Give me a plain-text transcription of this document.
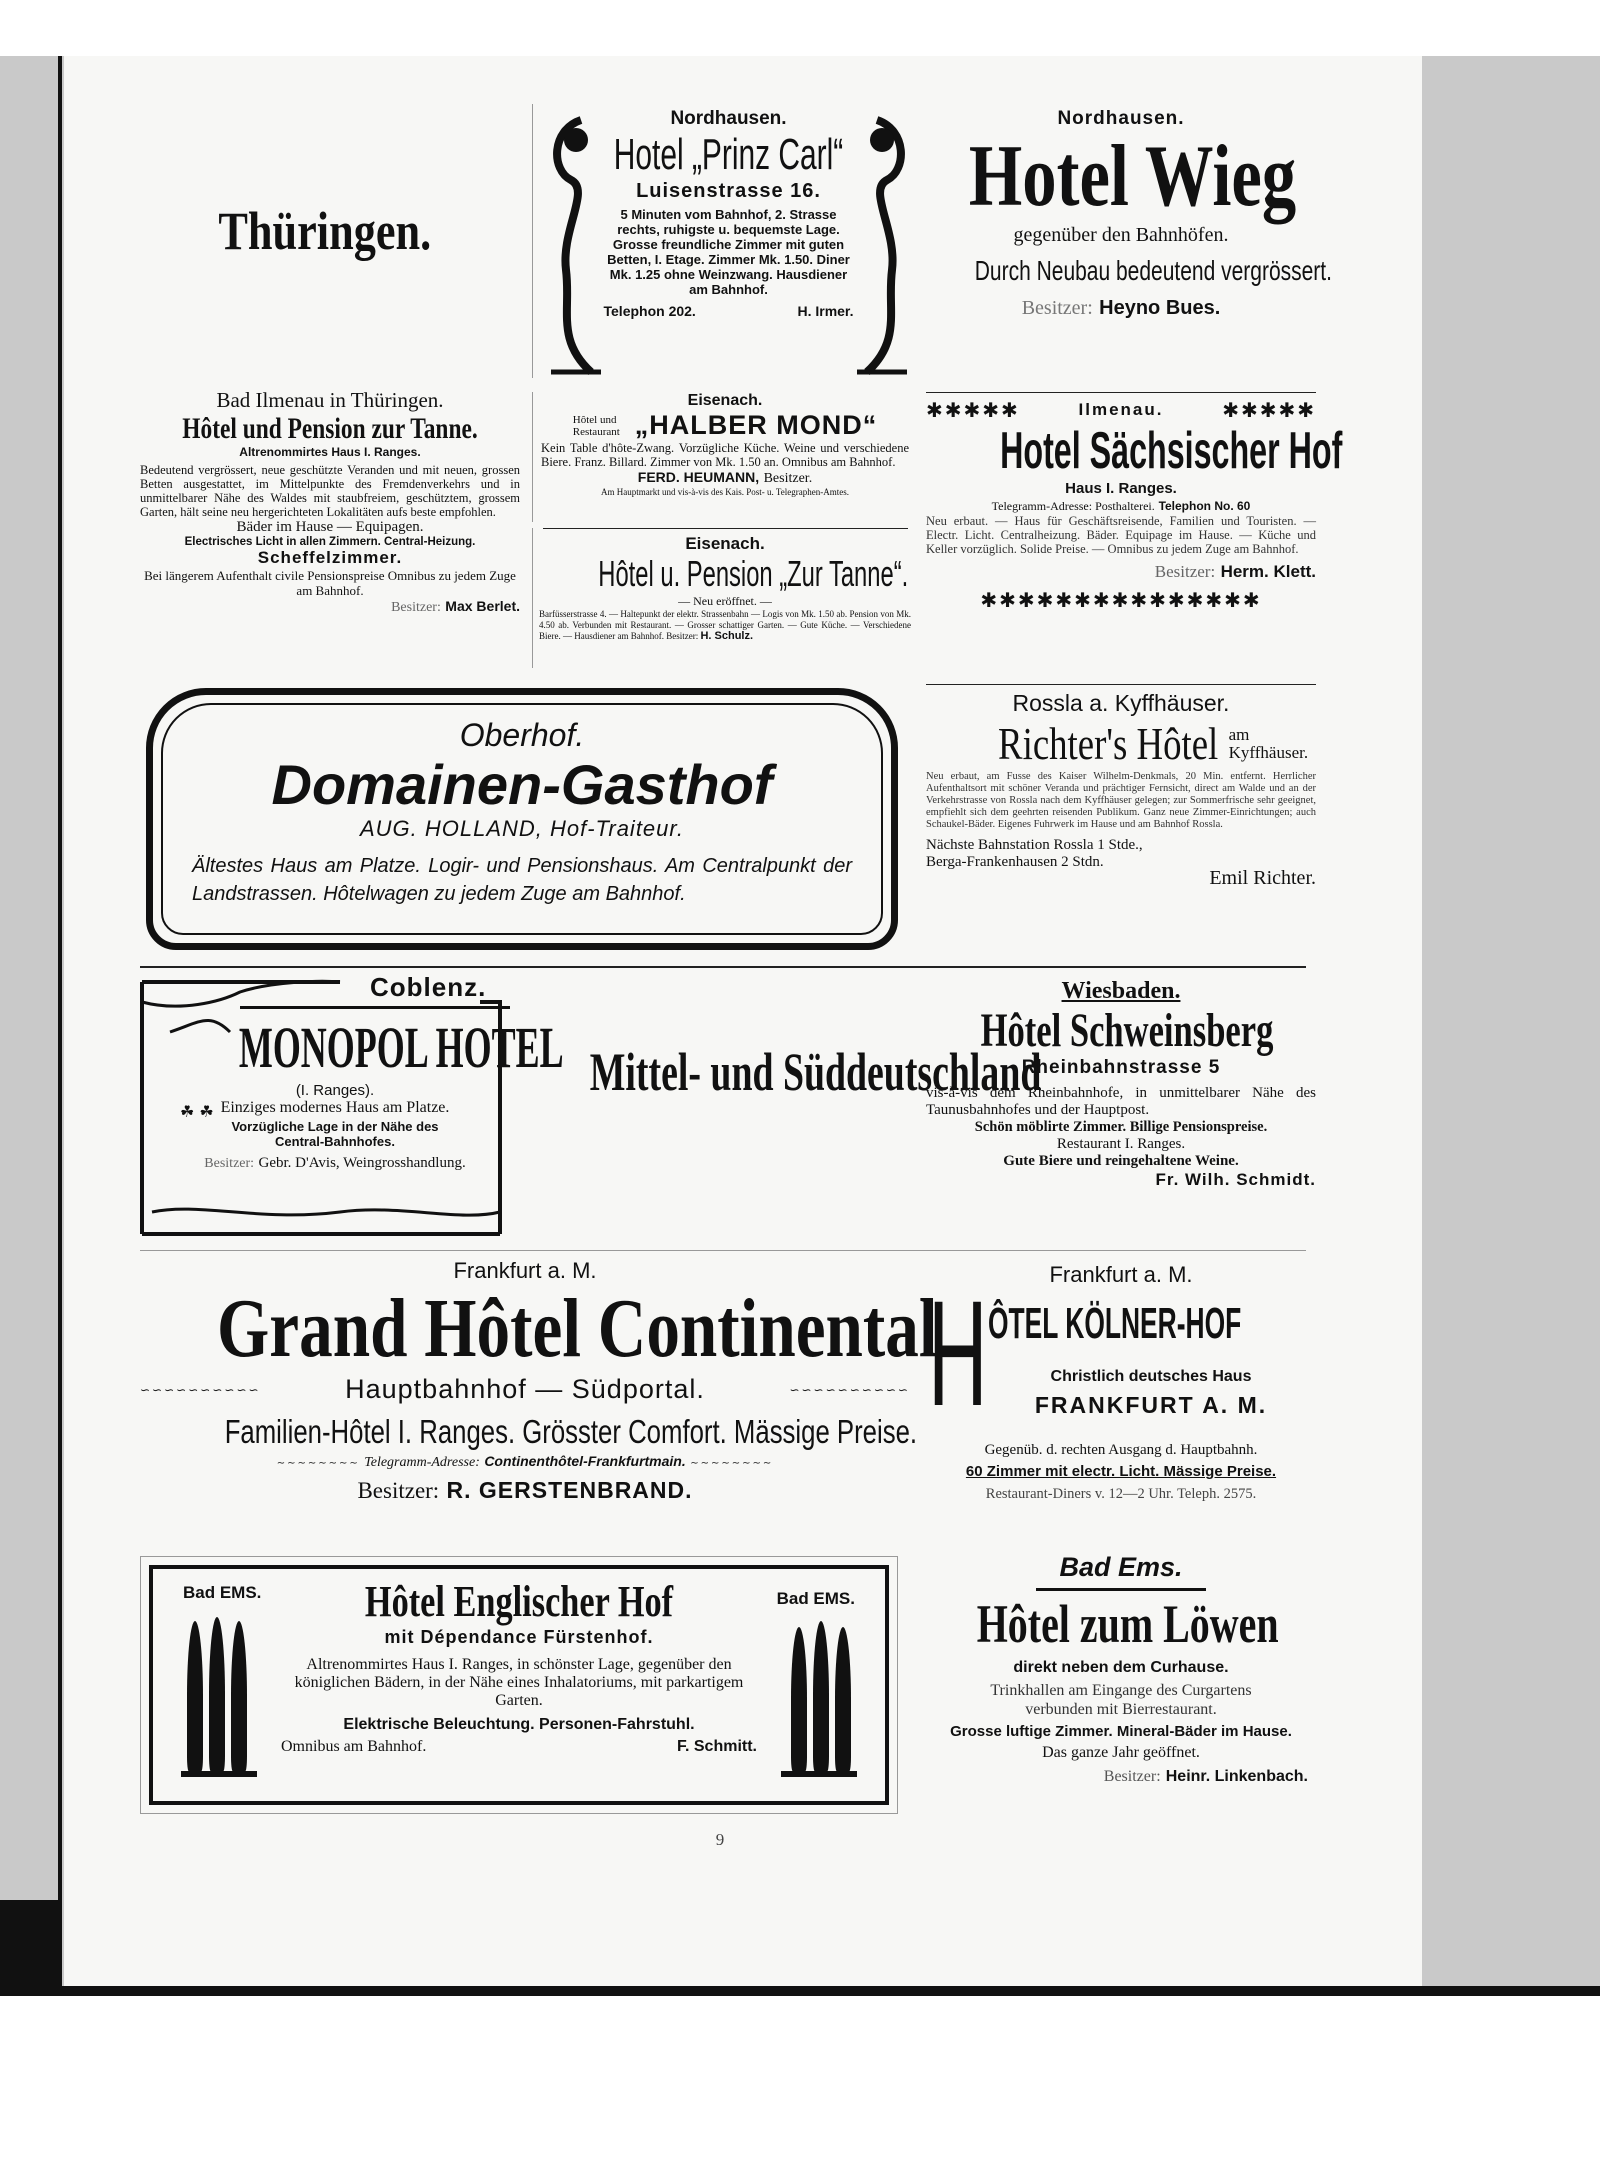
Thüringen.
Nordhausen.
Hotel „Prinz Carl“
Luisenstrasse 16.
5 Minuten vom Bahnhof, 2. Strasse rechts, ruhigste u. bequemste Lage. Grosse freundliche Zimmer mit guten Betten, I. Etage. Zimmer Mk. 1.50. Diner Mk. 1.25 ohne Weinzwang. Hausdiener am Bahnhof.
Telephon 202.	H. Irmer.
Nordhausen.
Hotel Wieg
gegenüber den Bahnhöfen.
Durch Neubau bedeutend vergrössert.
Besitzer: Heyno Bues.
Bad Ilmenau in Thüringen.
Hôtel und Pension zur Tanne.
Altrenommirtes Haus I. Ranges.
Bedeutend vergrössert, neue geschützte Veranden und mit neuen, grossen Betten ausgestattet, im Mittelpunkte des Fremdenverkehrs und in unmittelbarer Nähe des Waldes mit staubfreiem, geschütztem, grossem Garten, hält seine neu hergerichteten Lokalitäten aufs beste empfohlen.
Bäder im Hause — Equipagen.
Electrisches Licht in allen Zimmern. Central-Heizung.
Scheffelzimmer.
Bei längerem Aufenthalt civile Pensionspreise Omnibus zu jedem Zuge am Bahnhof.
Besitzer: Max Berlet.
Eisenach.
Hôtel und Restaurant „HALBER MOND“
Kein Table d'hôte-Zwang. Vorzügliche Küche. Weine und verschiedene Biere. Franz. Billard. Zimmer von Mk. 1.50 an. Omnibus am Bahnhof.
FERD. HEUMANN, Besitzer.
Am Hauptmarkt und vis-à-vis des Kais. Post- u. Telegraphen-Amtes.
Eisenach.
Hôtel u. Pension „Zur Tanne“.
— Neu eröffnet. —
Barfüsserstrasse 4. — Haltepunkt der elektr. Strassenbahn — Logis von Mk. 1.50 ab. Pension von Mk. 4.50 ab. Verbunden mit Restaurant. — Grosser schattiger Garten. — Gute Küche. — Verschiedene Biere. — Hausdiener am Bahnhof. Besitzer: H. Schulz.
✱✱✱✱✱	Ilmenau.	✱✱✱✱✱
Hotel Sächsischer Hof
Haus I. Ranges.
Telegramm-Adresse: Posthalterei. Telephon No. 60
Neu erbaut. — Haus für Geschäftsreisende, Familien und Touristen. — Electr. Licht. Centralheizung. Bäder. Equipage im Hause. — Küche und Keller vorzüglich. Solide Preise. — Omnibus zu jedem Zuge am Bahnhof.
Besitzer: Herm. Klett.
✱✱✱✱✱✱✱✱✱✱✱✱✱✱✱
Oberhof.
Domainen-Gasthof
AUG. HOLLAND, Hof-Traiteur.
Ältestes Haus am Platze. Logir- und Pensionshaus. Am Centralpunkt der Landstrassen. Hôtelwagen zu jedem Zuge am Bahnhof.
Rossla a. Kyffhäuser.
Richter's Hôtel am Kyffhäuser.
Neu erbaut, am Fusse des Kaiser Wilhelm-Denkmals, 20 Min. entfernt. Herrlicher Aufenthaltsort mit schöner Veranda und prächtiger Fernsicht, direct am Walde und an der Verkehrstrasse von Rossla nach dem Kyffhäuser gelegen; zur Sommerfrische sehr geeignet, empfiehlt sich dem geehrten reisenden Publikum. Ganz neue Zimmer-Einrichtungen; auch Schaukel-Bäder. Eigenes Fuhrwerk im Hause und am Bahnhof Rossla.
Nächste Bahnstation Rossla 1 Stde., Berga-Frankenhausen 2 Stdn.
Emil Richter.
Coblenz.
MONOPOL HOTEL
(I. Ranges).
Einziges modernes Haus am Platze.
Vorzügliche Lage in der Nähe des Central-Bahnhofes.
Besitzer: Gebr. D'Avis, Weingrosshandlung.
☘ ☘
Mittel- und Süddeutschland
Wiesbaden.
Hôtel Schweinsberg
Rheinbahnstrasse 5
vis-à-vis dem Rheinbahnhofe, in unmittelbarer Nähe des Taunusbahnhofes und der Hauptpost.
Schön möblirte Zimmer. Billige Pensionspreise.
Restaurant I. Ranges.
Gute Biere und reingehaltene Weine.
Fr. Wilh. Schmidt.
Frankfurt a. M.
Grand Hôtel Continental
∽∽∽∽∽∽∽∽∽∽	Hauptbahnhof — Südportal.	∽∽∽∽∽∽∽∽∽∽
Familien-Hôtel I. Ranges. Grösster Comfort. Mässige Preise.
∼∼∼∼∼∼∼∼ Telegramm-Adresse: Continenthôtel-Frankfurtmain. ∼∼∼∼∼∼∼∼
Besitzer: R. GERSTENBRAND.
Frankfurt a. M.
H ÔTEL KÖLNER-HOF
Christlich deutsches Haus
FRANKFURT A. M.
Gegenüb. d. rechten Ausgang d. Hauptbahnh.
60 Zimmer mit electr. Licht. Mässige Preise.
Restaurant-Diners v. 12—2 Uhr. Teleph. 2575.
Bad EMS.	Bad EMS.
Hôtel Englischer Hof
mit Dépendance Fürstenhof.
Altrenommirtes Haus I. Ranges, in schönster Lage, gegenüber den königlichen Bädern, in der Nähe eines Inhalatoriums, mit parkartigem Garten.
Elektrische Beleuchtung. Personen-Fahrstuhl.
Omnibus am Bahnhof.	F. Schmitt.
Bad Ems.
Hôtel zum Löwen
direkt neben dem Curhause.
Trinkhallen am Eingange des Curgartens verbunden mit Bierrestaurant.
Grosse luftige Zimmer. Mineral-Bäder im Hause.
Das ganze Jahr geöffnet.
Besitzer: Heinr. Linkenbach.
9
